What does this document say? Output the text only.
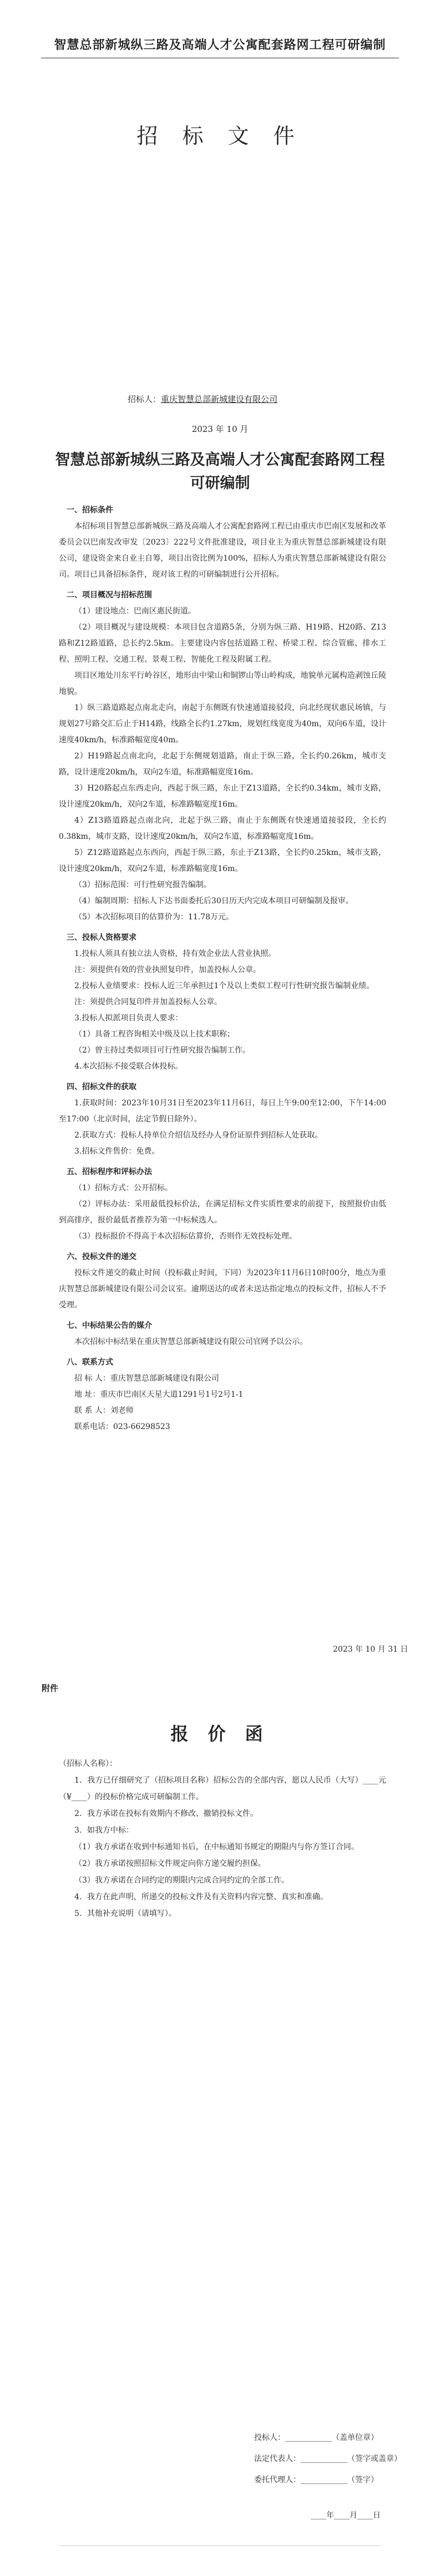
智慧总部新城纵三路及高端人才公寓配套路网工程可研编制
招 标 文 件
招标人：重庆智慧总部新城建设有限公司
2023 年 10 月
智慧总部新城纵三路及高端人才公寓配套路网工程可研编制

一、招标条件

本招标项目智慧总部新城纵三路及高端人才公寓配套路网工程已由重庆市巴南区发展和改革委员会以巴南发改审发〔2023〕222号文件批准建设，项目业主为重庆智慧总部新城建设有限公司，建设资金来自业主自筹，项目出资比例为100%，招标人为重庆智慧总部新城建设有限公司。项目已具备招标条件，现对该工程的可研编制进行公开招标。

二、项目概况与招标范围

（1）建设地点：巴南区惠民街道。

（2）项目概况与建设规模：本项目包含道路5条，分别为纵三路、H19路、H20路、Z13路和Z12路道路，总长约2.5km。主要建设内容包括道路工程、桥梁工程、综合管廊、排水工程、照明工程、交通工程、景观工程、智能化工程及附属工程。

项目区地处川东平行岭谷区，地形由中梁山和铜锣山等山岭构成，地貌单元属构造剥蚀丘陵地貌。

1）纵三路道路起点南北走向，南起于东侧既有快速通道接驳段，向北经现状惠民场镇，与规划27号路交汇后止于H14路，线路全长约1.27km，规划红线宽度为40m，双向6车道，设计速度40km/h，标准路幅宽度40m。

2）H19路起点南北向，北起于东侧规划道路，南止于纵三路，全长约0.26km，城市支路，设计速度20km/h，双向2车道，标准路幅宽度16m。

3）H20路起点东西走向，西起于纵三路，东止于Z13道路，全长约0.34km，城市支路，设计速度20km/h，双向2车道，标准路幅宽度16m。

4）Z13路道路起点南北向，北起于纵三路，南止于东侧既有快速通道接驳段，全长约0.38km，城市支路，设计速度20km/h，双向2车道，标准路幅宽度16m。

5）Z12路道路起点东西向，西起于纵三路，东止于Z13路，全长约0.25km，城市支路，设计速度20km/h，双向2车道，标准路幅宽度16m。

（3）招标范围：可行性研究报告编制。

（4）编制周期：招标人下达书面委托后30日历天内完成本项目可研编制及报审。

（5）本次招标项目的估算价为：11.78万元。

三、投标人资格要求

1.投标人须具有独立法人资格，持有效企业法人营业执照。

注：须提供有效的营业执照复印件，加盖投标人公章。

2.投标人业绩要求：投标人近三年承担过1个及以上类似工程可行性研究报告编制业绩。

注：须提供合同复印件并加盖投标人公章。

3.投标人拟派项目负责人要求：

（1）具备工程咨询相关中级及以上技术职称；

（2）曾主持过类似项目可行性研究报告编制工作。

4.本次招标不接受联合体投标。

四、招标文件的获取

1.获取时间：2023年10月31日至2023年11月6日，每日上午9:00至12:00，下午14:00至17:00（北京时间，法定节假日除外）。

2.获取方式：投标人持单位介绍信及经办人身份证原件到招标人处获取。

3.招标文件售价：免费。

五、招标程序和评标办法

（1）招标方式：公开招标。

（2）评标办法：采用最低投标价法，在满足招标文件实质性要求的前提下，按照报价由低到高排序，报价最低者推荐为第一中标候选人。

（3）投标报价不得高于本次招标估算价，否则作无效投标处理。

六、投标文件的递交

投标文件递交的截止时间（投标截止时间，下同）为2023年11月6日10时00分，地点为重庆智慧总部新城建设有限公司会议室。逾期送达的或者未送达指定地点的投标文件，招标人不予受理。

七、中标结果公告的媒介

本次招标中标结果在重庆智慧总部新城建设有限公司官网予以公示。

八、联系方式

招 标 人：重庆智慧总部新城建设有限公司

地 址：重庆市巴南区天星大道1291号1号2号1-1

联 系 人：刘老师

联系电话：023-66298523

2023 年 10 月 31 日
附件
报 价 函

（招标人名称）：

1．我方已仔细研究了（招标项目名称）招标公告的全部内容，愿以人民币（大写）____元（¥____）的投标价格完成可研编制工作。

2．我方承诺在投标有效期内不修改、撤销投标文件。

3．如我方中标：

（1）我方承诺在收到中标通知书后，在中标通知书规定的期限内与你方签订合同。

（2）我方承诺按照招标文件规定向你方递交履约担保。

（3）我方承诺在合同约定的期限内完成合同约定的全部工作。

4．我方在此声明，所递交的投标文件及有关资料内容完整、真实和准确。

5．其他补充说明（请填写）。

投标人：____________（盖单位章）
法定代表人：____________（签字或盖章）
委托代理人：____________（签字）
____年____月____日
